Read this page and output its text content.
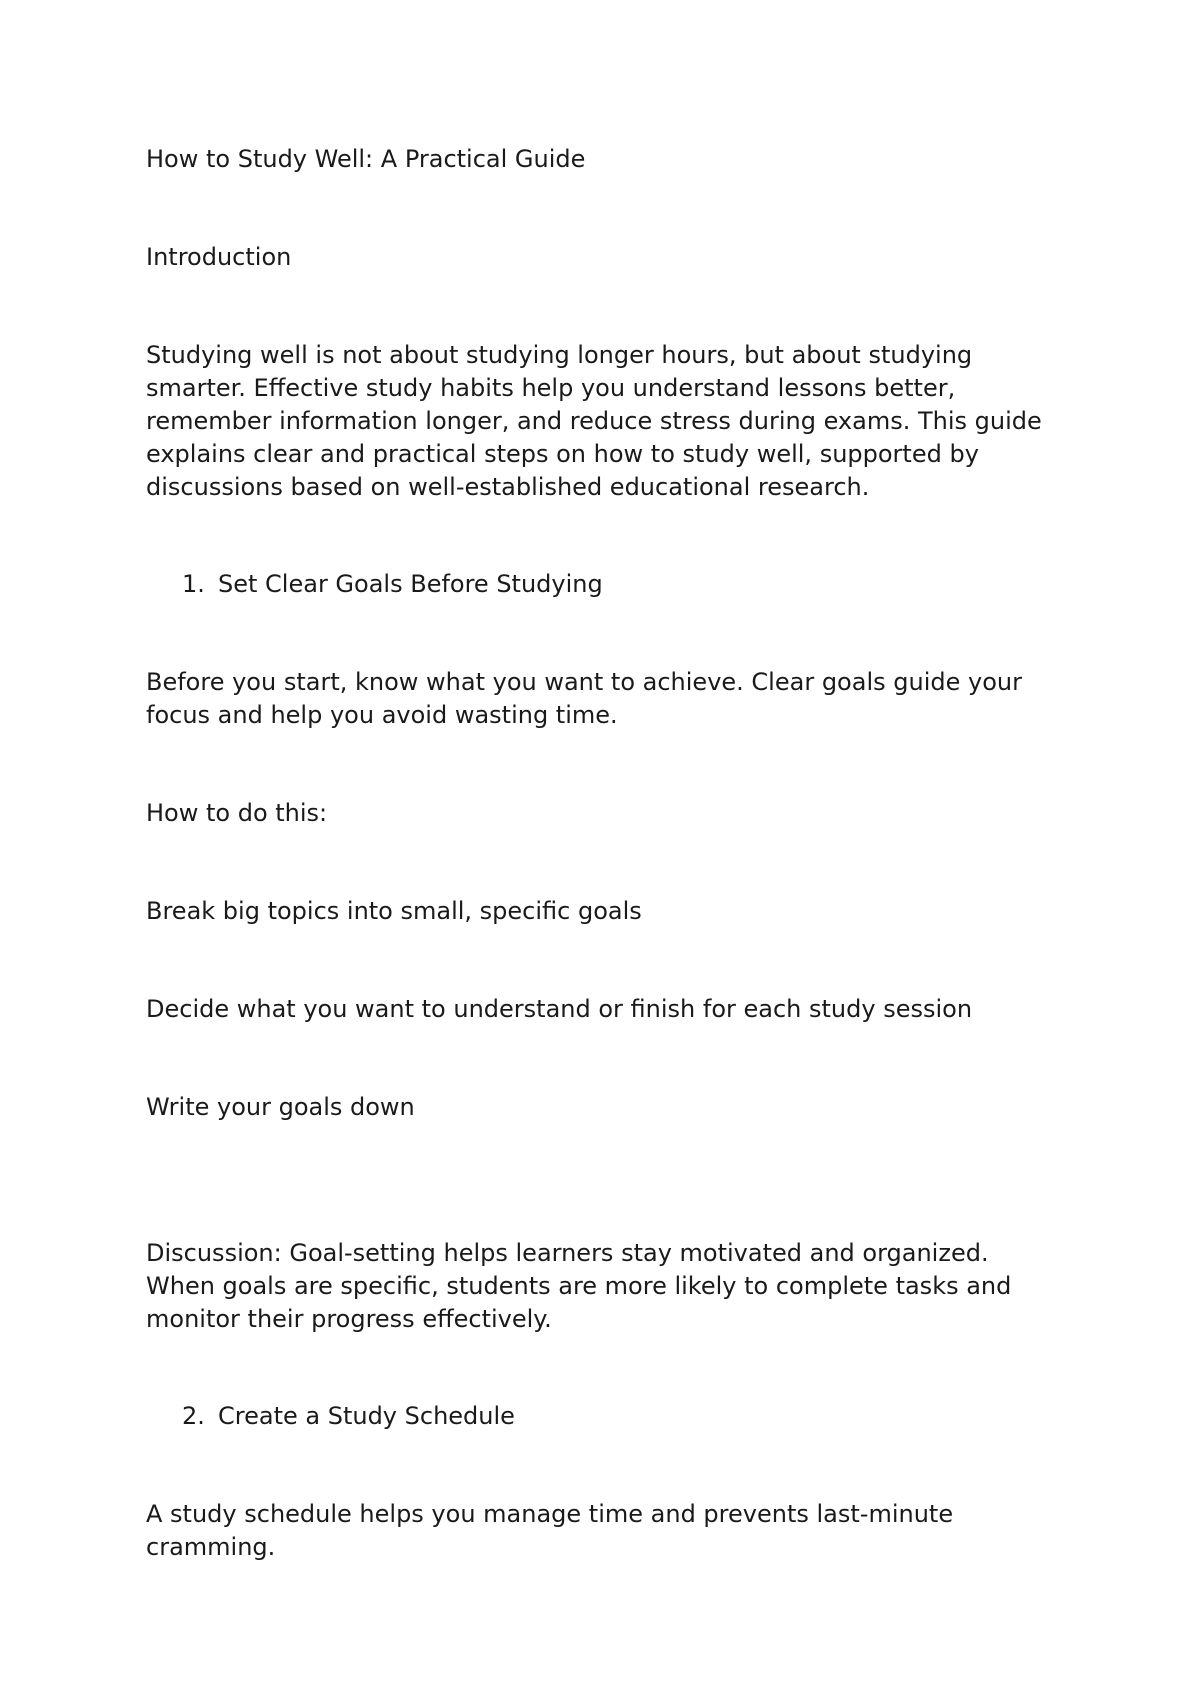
How to Study Well: A Practical Guide
Introduction

Studying well is not about studying longer hours, but about studying
smarter. Effective study habits help you understand lessons better,
remember information longer, and reduce stress during exams. This guide
explains clear and practical steps on how to study well, supported by
discussions based on well-established educational research.

1. Set Clear Goals Before Studying

Before you start, know what you want to achieve. Clear goals guide your
focus and help you avoid wasting time.

How to do this:

Break big topics into small, specific goals

Decide what you want to understand or finish for each study session

Write your goals down

Discussion: Goal-setting helps learners stay motivated and organized.
When goals are specific, students are more likely to complete tasks and
monitor their progress effectively.

2. Create a Study Schedule

A study schedule helps you manage time and prevents last-minute
cramming.
